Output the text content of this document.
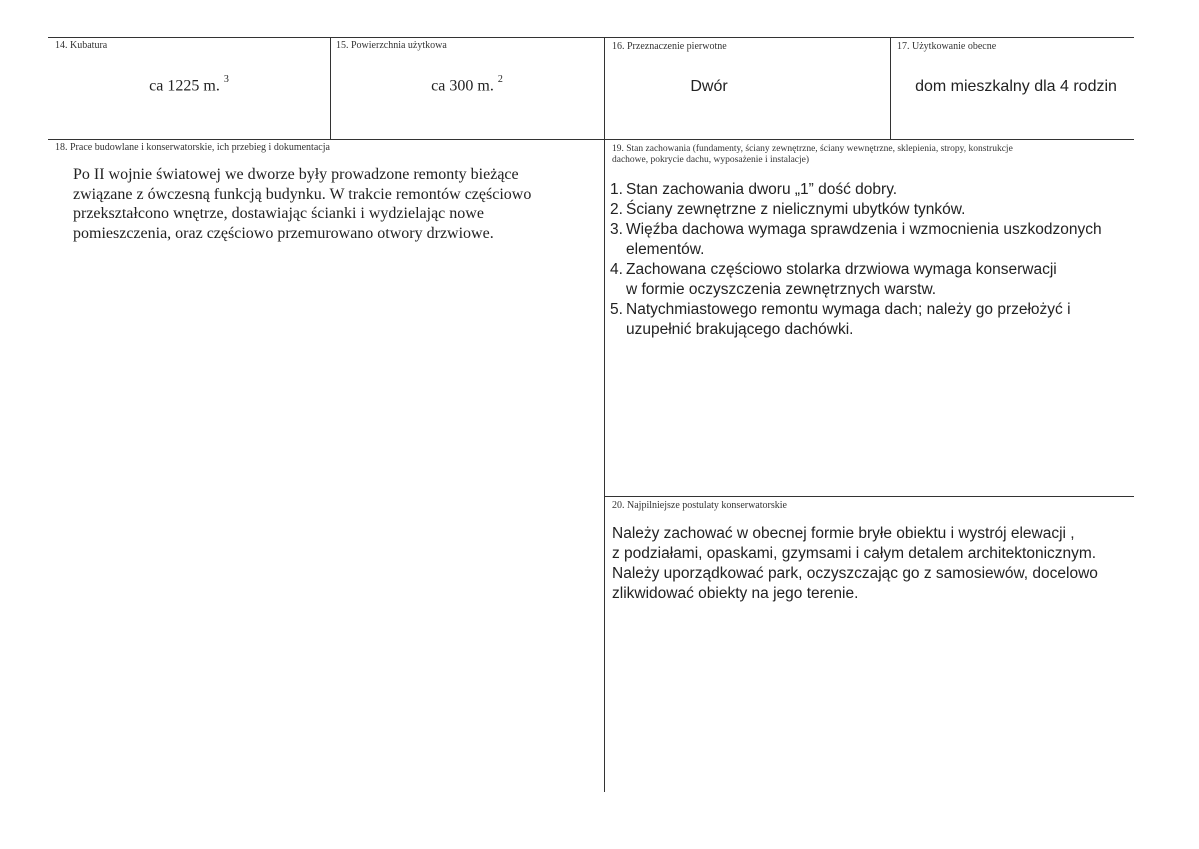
14. Kubatura
ca 1225 m. $^3$
15. Powierzchnia użytkowa
ca 300 m. $^2$
16. Przeznaczenie pierwotne
Dwór
17. Użytkowanie obecne
dom mieszkalny dla 4 rodzin
18. Prace budowlane i konserwatorskie, ich przebieg i dokumentacja

Po II wojnie światowej we dworze były prowadzone remonty bieżące

związane z ówczesną funkcją budynku. W trakcie remontów częściowo

przekształcono wnętrze, dostawiając ścianki i wydzielając nowe

pomieszczenia, oraz częściowo przemurowano otwory drzwiowe.

19. Stan zachowania (fundamenty, ściany zewnętrzne, ściany wewnętrzne, sklepienia, stropy, konstrukcje dachowe, pokrycie dachu, wyposażenie i instalacje)
1. Stan zachowania dworu „1” dość dobry.
2. Ściany zewnętrzne z nielicznymi ubytków tynków.
3. Więźba dachowa wymaga sprawdzenia i wzmocnienia uszkodzonych
elementów.
4. Zachowana częściowo stolarka drzwiowa wymaga konserwacji
w formie oczyszczenia zewnętrznych warstw.
5. Natychmiastowego remontu wymaga dach; należy go przełożyć i
uzupełnić brakującego dachówki.
20. Najpilniejsze postulaty konserwatorskie
Należy zachować w obecnej formie bryłe obiektu i wystrój elewacji ,
z podziałami, opaskami, gzymsami i całym detalem architektonicznym.
Należy uporządkować park, oczyszczając go z samosiewów, docelowo
zlikwidować obiekty na jego terenie.
